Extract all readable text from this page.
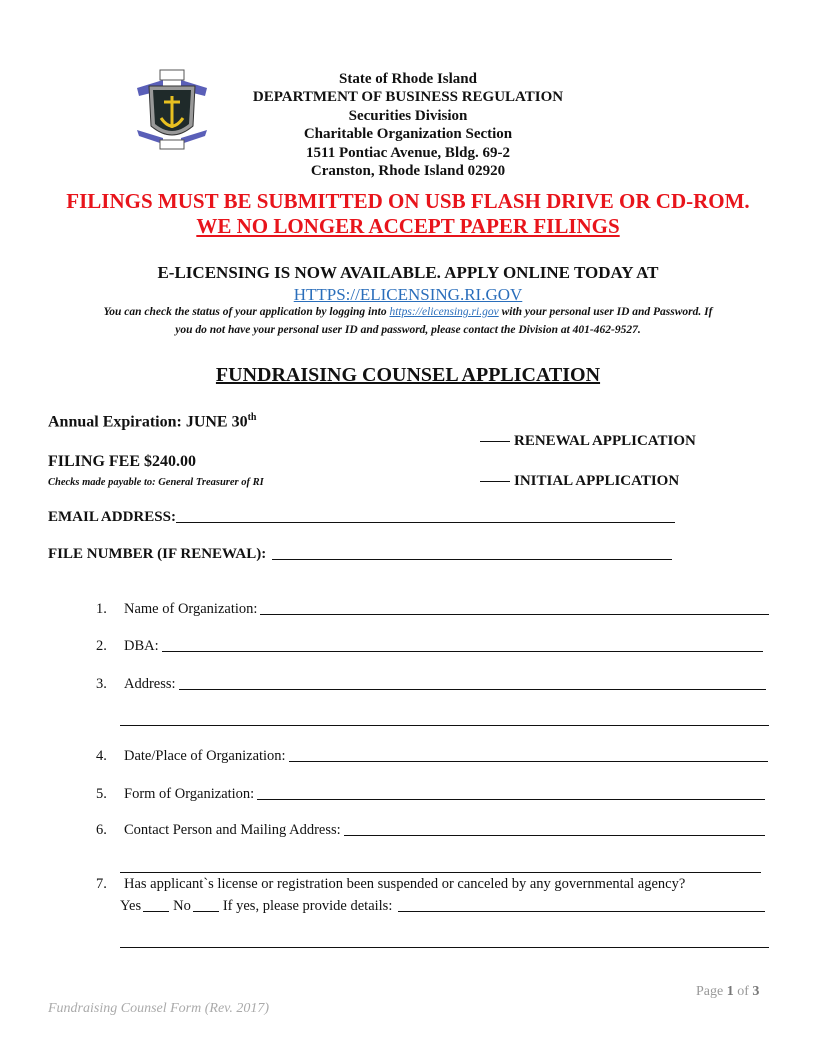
State of Rhode Island
DEPARTMENT OF BUSINESS REGULATION
Securities Division
Charitable Organization Section
1511 Pontiac Avenue, Bldg. 69-2
Cranston, Rhode Island 02920
FILINGS MUST BE SUBMITTED ON USB FLASH DRIVE OR CD-ROM.
WE NO LONGER ACCEPT PAPER FILINGS
E-LICENSING IS NOW AVAILABLE. APPLY ONLINE TODAY AT
HTTPS://ELICENSING.RI.GOV
You can check the status of your application by logging into https://elicensing.ri.gov with your personal user ID and Password. If
you do not have your personal user ID and password, please contact the Division at 401-462-9527.
FUNDRAISING COUNSEL APPLICATION
Annual Expiration: JUNE 30th
FILING FEE $240.00
Checks made payable to: General Treasurer of RI
RENEWAL APPLICATION
INITIAL APPLICATION
EMAIL ADDRESS:
FILE NUMBER (IF RENEWAL):
1.	Name of Organization:
2.	DBA:
3.	Address:
4.	Date/Place of Organization:
5.	Form of Organization:
6.	Contact Person and Mailing Address:
7.	Has applicant`s license or registration been suspended or canceled by any governmental agency?
Yes No If yes, please provide details:
Page 1 of 3
Fundraising Counsel Form (Rev. 2017)
